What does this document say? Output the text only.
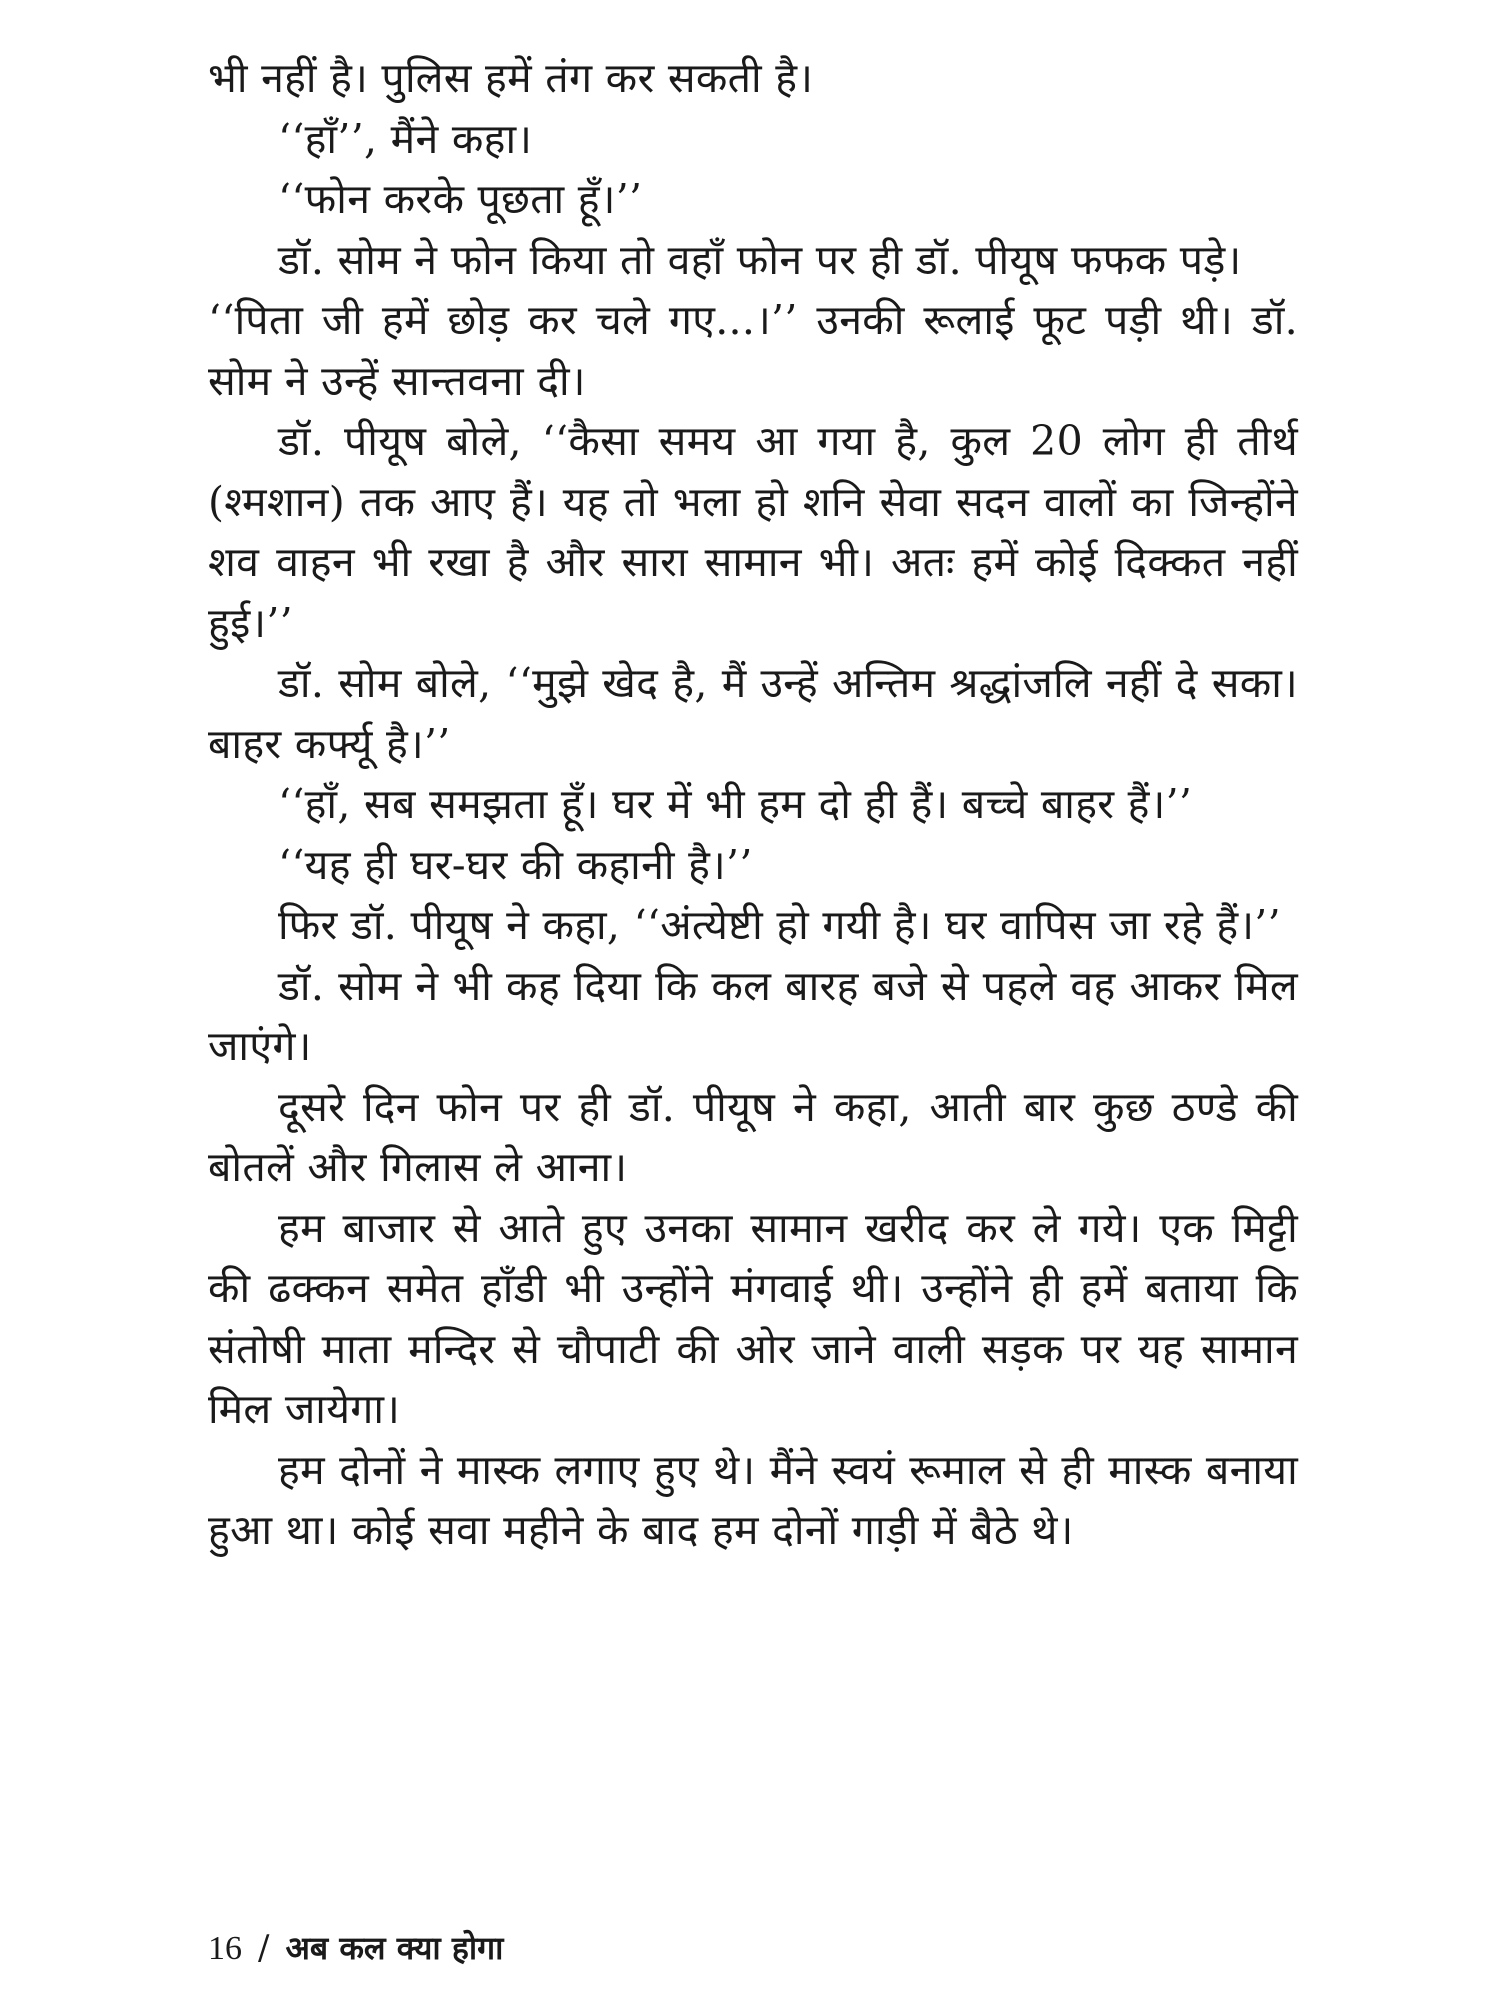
भी नहीं है। पुलिस हमें तंग कर सकती है।

‘‘हाँ’’, मैंने कहा।

‘‘फोन करके पूछता हूँ।’’

डॉ. सोम ने फोन किया तो वहाँ फोन पर ही डॉ. पीयूष फफक पड़े।

‘‘पिता जी हमें छोड़ कर चले गए...।’’ उनकी रूलाई फूट पड़ी थी। डॉ. सोम ने उन्हें सान्तवना दी।

डॉ. पीयूष बोले, ‘‘कैसा समय आ गया है, कुल 20 लोग ही तीर्थ (श्मशान) तक आए हैं। यह तो भला हो शनि सेवा सदन वालों का जिन्होंने शव वाहन भी रखा है और सारा सामान भी। अतः हमें कोई दिक्कत नहीं हुई।’’

डॉ. सोम बोले, ‘‘मुझे खेद है, मैं उन्हें अन्तिम श्रद्धांजलि नहीं दे सका। बाहर कर्फ्यू है।’’

‘‘हाँ, सब समझता हूँ। घर में भी हम दो ही हैं। बच्चे बाहर हैं।’’

‘‘यह ही घर-घर की कहानी है।’’

फिर डॉ. पीयूष ने कहा, ‘‘अंत्येष्टी हो गयी है। घर वापिस जा रहे हैं।’’

डॉ. सोम ने भी कह दिया कि कल बारह बजे से पहले वह आकर मिल जाएंगे।

दूसरे दिन फोन पर ही डॉ. पीयूष ने कहा, आती बार कुछ ठण्डे की बोतलें और गिलास ले आना।

हम बाजार से आते हुए उनका सामान खरीद कर ले गये। एक मिट्टी की ढक्कन समेत हाँडी भी उन्होंने मंगवाई थी। उन्होंने ही हमें बताया कि संतोषी माता मन्दिर से चौपाटी की ओर जाने वाली सड़क पर यह सामान मिल जायेगा।

हम दोनों ने मास्क लगाए हुए थे। मैंने स्वयं रूमाल से ही मास्क बनाया हुआ था। कोई सवा महीने के बाद हम दोनों गाड़ी में बैठे थे।

16 / अब कल क्या होगा
